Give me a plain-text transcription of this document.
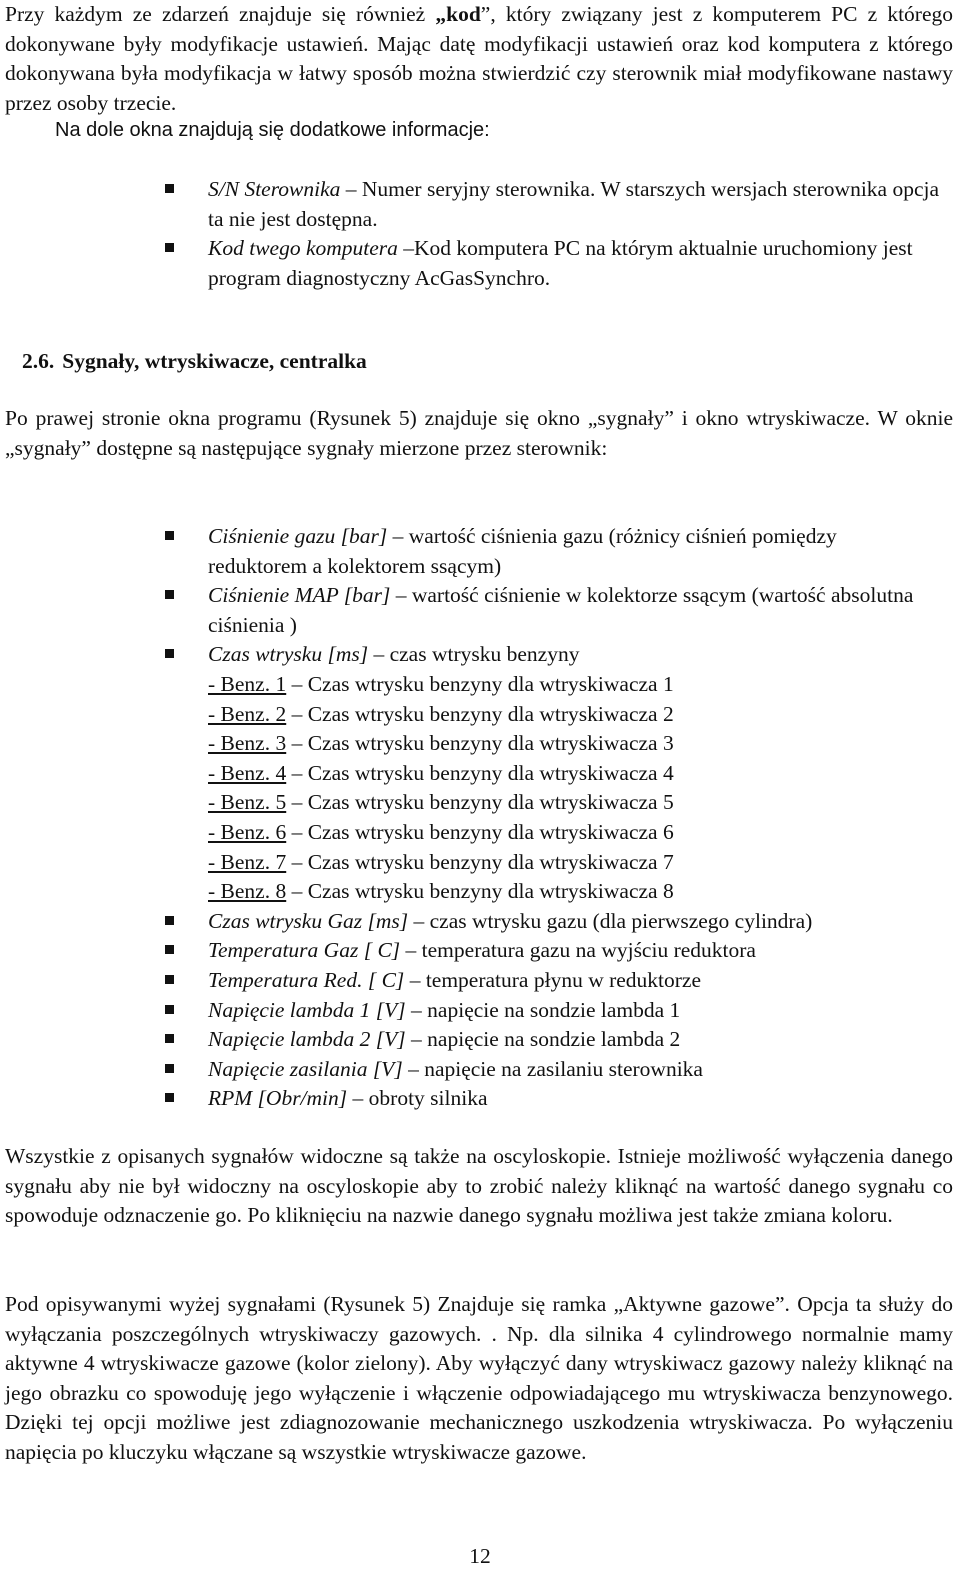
Przy każdym ze zdarzeń znajduje się również „kod”, który związany jest z komputerem PC z którego dokonywane były modyfikacje ustawień. Mając datę modyfikacji ustawień oraz kod komputera z którego dokonywana była modyfikacja w łatwy sposób można stwierdzić czy sterownik miał modyfikowane nastawy przez osoby trzecie.

Na dole okna znajdują się dodatkowe informacje:

S/N Sterownika – Numer seryjny sterownika. W starszych wersjach sterownika opcja ta nie jest dostępna.
Kod twego komputera –Kod komputera PC na którym aktualnie uruchomiony jest program diagnostyczny AcGasSynchro.
2.6. Sygnały, wtryskiwacze, centralka

Po prawej stronie okna programu (Rysunek 5) znajduje się okno „sygnały” i okno wtryskiwacze. W oknie „sygnały” dostępne są następujące sygnały mierzone przez sterownik:

Ciśnienie gazu [bar] – wartość ciśnienia gazu (różnicy ciśnień pomiędzy reduktorem a kolektorem ssącym)
Ciśnienie MAP [bar] – wartość ciśnienie w kolektorze ssącym (wartość absolutna ciśnienia )
Czas wtrysku [ms] – czas wtrysku benzyny
- Benz. 1 – Czas wtrysku benzyny dla wtryskiwacza 1
- Benz. 2 – Czas wtrysku benzyny dla wtryskiwacza 2
- Benz. 3 – Czas wtrysku benzyny dla wtryskiwacza 3
- Benz. 4 – Czas wtrysku benzyny dla wtryskiwacza 4
- Benz. 5 – Czas wtrysku benzyny dla wtryskiwacza 5
- Benz. 6 – Czas wtrysku benzyny dla wtryskiwacza 6
- Benz. 7 – Czas wtrysku benzyny dla wtryskiwacza 7
- Benz. 8 – Czas wtrysku benzyny dla wtryskiwacza 8
Czas wtrysku Gaz [ms] – czas wtrysku gazu (dla pierwszego cylindra)
Temperatura Gaz [ C] – temperatura gazu na wyjściu reduktora
Temperatura Red. [ C] – temperatura płynu w reduktorze
Napięcie lambda 1 [V] – napięcie na sondzie lambda 1
Napięcie lambda 2 [V] – napięcie na sondzie lambda 2
Napięcie zasilania [V] – napięcie na zasilaniu sterownika
RPM [Obr/min] – obroty silnika

Wszystkie z opisanych sygnałów widoczne są także na oscyloskopie. Istnieje możliwość wyłączenia danego sygnału aby nie był widoczny na oscyloskopie aby to zrobić należy kliknąć na wartość danego sygnału co spowoduje odznaczenie go. Po kliknięciu na nazwie danego sygnału możliwa jest także zmiana koloru.

Pod opisywanymi wyżej sygnałami (Rysunek 5) Znajduje się ramka „Aktywne gazowe”. Opcja ta służy do wyłączania poszczególnych wtryskiwaczy gazowych. . Np. dla silnika 4 cylindrowego normalnie mamy aktywne 4 wtryskiwacze gazowe (kolor zielony). Aby wyłączyć dany wtryskiwacz gazowy należy kliknąć na jego obrazku co spowoduję jego wyłączenie i włączenie odpowiadającego mu wtryskiwacza benzynowego. Dzięki tej opcji możliwe jest zdiagnozowanie mechanicznego uszkodzenia wtryskiwacza. Po wyłączeniu napięcia po kluczyku włączane są wszystkie wtryskiwacze gazowe.

12
